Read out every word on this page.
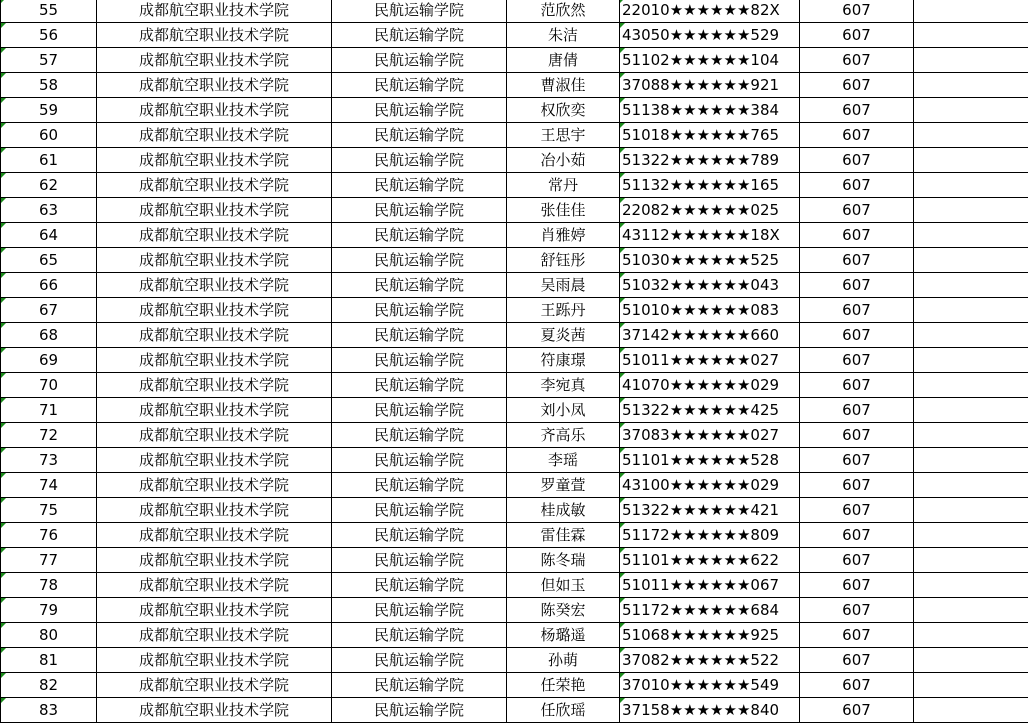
55	成都航空职业技术学院	民航运输学院	范欣然	22010★★★★★★82X	607	
56	成都航空职业技术学院	民航运输学院	朱洁	43050★★★★★★529	607	
57	成都航空职业技术学院	民航运输学院	唐倩	51102★★★★★★104	607	
58	成都航空职业技术学院	民航运输学院	曹淑佳	37088★★★★★★921	607	
59	成都航空职业技术学院	民航运输学院	权欣奕	51138★★★★★★384	607	
60	成都航空职业技术学院	民航运输学院	王思宇	51018★★★★★★765	607	
61	成都航空职业技术学院	民航运输学院	冶小茹	51322★★★★★★789	607	
62	成都航空职业技术学院	民航运输学院	常丹	51132★★★★★★165	607	
63	成都航空职业技术学院	民航运输学院	张佳佳	22082★★★★★★025	607	
64	成都航空职业技术学院	民航运输学院	肖雅婷	43112★★★★★★18X	607	
65	成都航空职业技术学院	民航运输学院	舒钰彤	51030★★★★★★525	607	
66	成都航空职业技术学院	民航运输学院	吴雨晨	51032★★★★★★043	607	
67	成都航空职业技术学院	民航运输学院	王跞丹	51010★★★★★★083	607	
68	成都航空职业技术学院	民航运输学院	夏炎茜	37142★★★★★★660	607	
69	成都航空职业技术学院	民航运输学院	符康璟	51011★★★★★★027	607	
70	成都航空职业技术学院	民航运输学院	李宛真	41070★★★★★★029	607	
71	成都航空职业技术学院	民航运输学院	刘小凤	51322★★★★★★425	607	
72	成都航空职业技术学院	民航运输学院	齐高乐	37083★★★★★★027	607	
73	成都航空职业技术学院	民航运输学院	李瑶	51101★★★★★★528	607	
74	成都航空职业技术学院	民航运输学院	罗童萱	43100★★★★★★029	607	
75	成都航空职业技术学院	民航运输学院	桂成敏	51322★★★★★★421	607	
76	成都航空职业技术学院	民航运输学院	雷佳霖	51172★★★★★★809	607	
77	成都航空职业技术学院	民航运输学院	陈冬瑞	51101★★★★★★622	607	
78	成都航空职业技术学院	民航运输学院	但如玉	51011★★★★★★067	607	
79	成都航空职业技术学院	民航运输学院	陈癸宏	51172★★★★★★684	607	
80	成都航空职业技术学院	民航运输学院	杨璐遥	51068★★★★★★925	607	
81	成都航空职业技术学院	民航运输学院	孙萌	37082★★★★★★522	607	
82	成都航空职业技术学院	民航运输学院	任荣艳	37010★★★★★★549	607	
83	成都航空职业技术学院	民航运输学院	任欣瑶	37158★★★★★★840	607	
